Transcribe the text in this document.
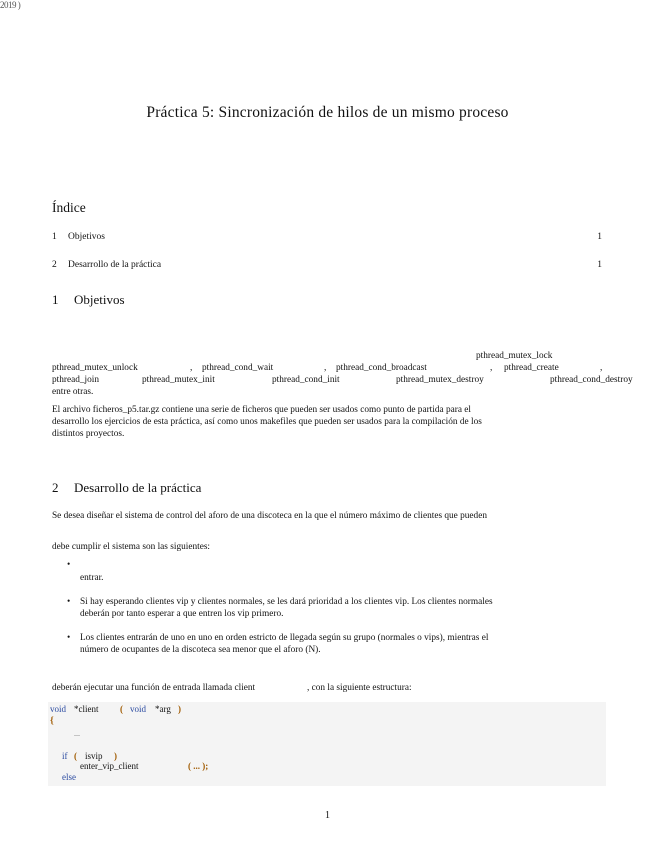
2019 )
Práctica 5: Sincronización de hilos de un mismo proceso
Índice
1 Objetivos	1
2 Desarrollo de la práctica	1
1 Objetivos
pthread_mutex_lock
pthread_mutex_unlock	, pthread_cond_wait	, pthread_cond_broadcast	, pthread_create	,
pthread_join	pthread_mutex_init	pthread_cond_init	pthread_mutex_destroy	pthread_cond_destroy
entre otras.
El archivo ficheros_p5.tar.gz contiene una serie de ficheros que pueden ser usados como punto de partida para el
desarrollo los ejercicios de esta práctica, así como unos makefiles que pueden ser usados para la compilación de los
distintos proyectos.
2 Desarrollo de la práctica
Se desea diseñar el sistema de control del aforo de una discoteca en la que el número máximo de clientes que pueden
debe cumplir el sistema son las siguientes:
•
entrar.
• Si hay esperando clientes vip y clientes normales, se les dará prioridad a los clientes vip. Los clientes normales
deberán por tanto esperar a que entren los vip primero.
• Los clientes entrarán de uno en uno en orden estricto de llegada según su grupo (normales o vips), mientras el
número de ocupantes de la discoteca sea menor que el aforo (N).
deberán ejecutar una función de entrada llamada client	, con la siguiente estructura:
void *client ( void *arg )
{
...
if ( isvip )
enter_vip_client	( ... );
else
1
